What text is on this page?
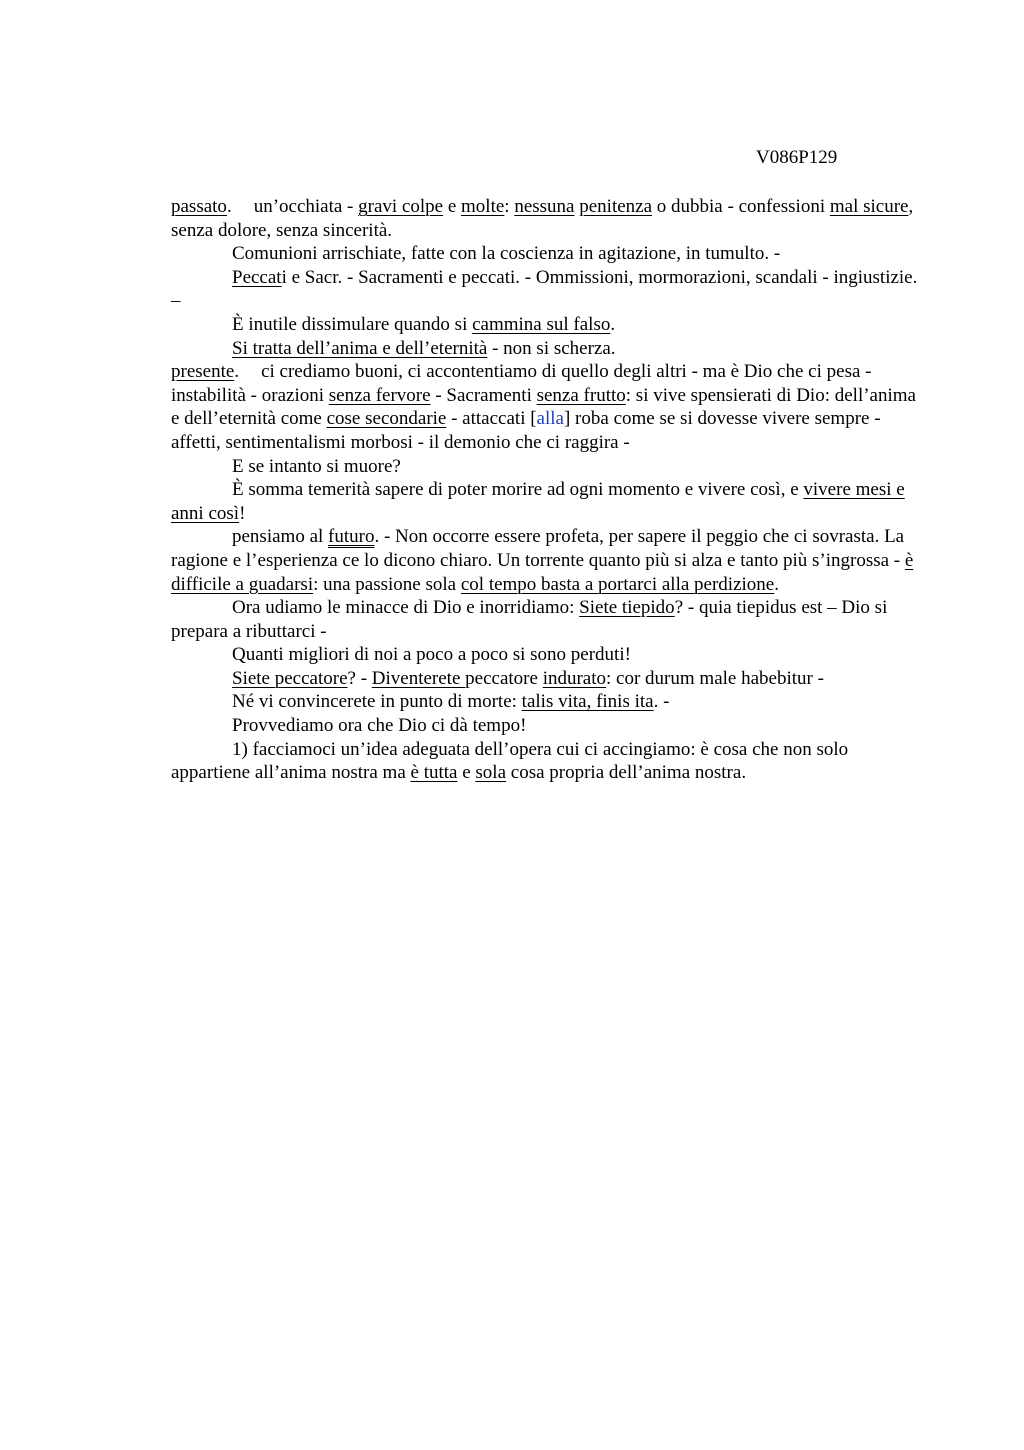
V086P129

passato. un’occhiata - gravi colpe e molte: nessuna penitenza o dubbia - confessioni mal sicure, senza dolore, senza sincerità.

Comunioni arrischiate, fatte con la coscienza in agitazione, in tumulto. -

Peccati e Sacr. - Sacramenti e peccati. - Ommissioni, mormorazioni, scandali - ingiustizie. –

È inutile dissimulare quando si cammina sul falso.

Si tratta dell’anima e dell’eternità - non si scherza.

presente. ci crediamo buoni, ci accontentiamo di quello degli altri - ma è Dio che ci pesa - instabilità - orazioni senza fervore - Sacramenti senza frutto: si vive spensierati di Dio: dell’anima e dell’eternità come cose secondarie - attaccati [alla] roba come se si dovesse vivere sempre - affetti, sentimentalismi morbosi - il demonio che ci raggira -

E se intanto si muore?

È somma temerità sapere di poter morire ad ogni momento e vivere così, e vivere mesi e anni così!

pensiamo al futuro. - Non occorre essere profeta, per sapere il peggio che ci sovrasta. La ragione e l’esperienza ce lo dicono chiaro. Un torrente quanto più si alza e tanto più s’ingrossa - è difficile a guadarsi: una passione sola col tempo basta a portarci alla perdizione.

Ora udiamo le minacce di Dio e inorridiamo: Siete tiepido? - quia tiepidus est – Dio si prepara a ributtarci -

Quanti migliori di noi a poco a poco si sono perduti!

Siete peccatore? - Diventerete peccatore indurato: cor durum male habebitur -

Né vi convincerete in punto di morte: talis vita, finis ita. -

Provvediamo ora che Dio ci dà tempo!

1) facciamoci un’idea adeguata dell’opera cui ci accingiamo: è cosa che non solo appartiene all’anima nostra ma è tutta e sola cosa propria dell’anima nostra.
